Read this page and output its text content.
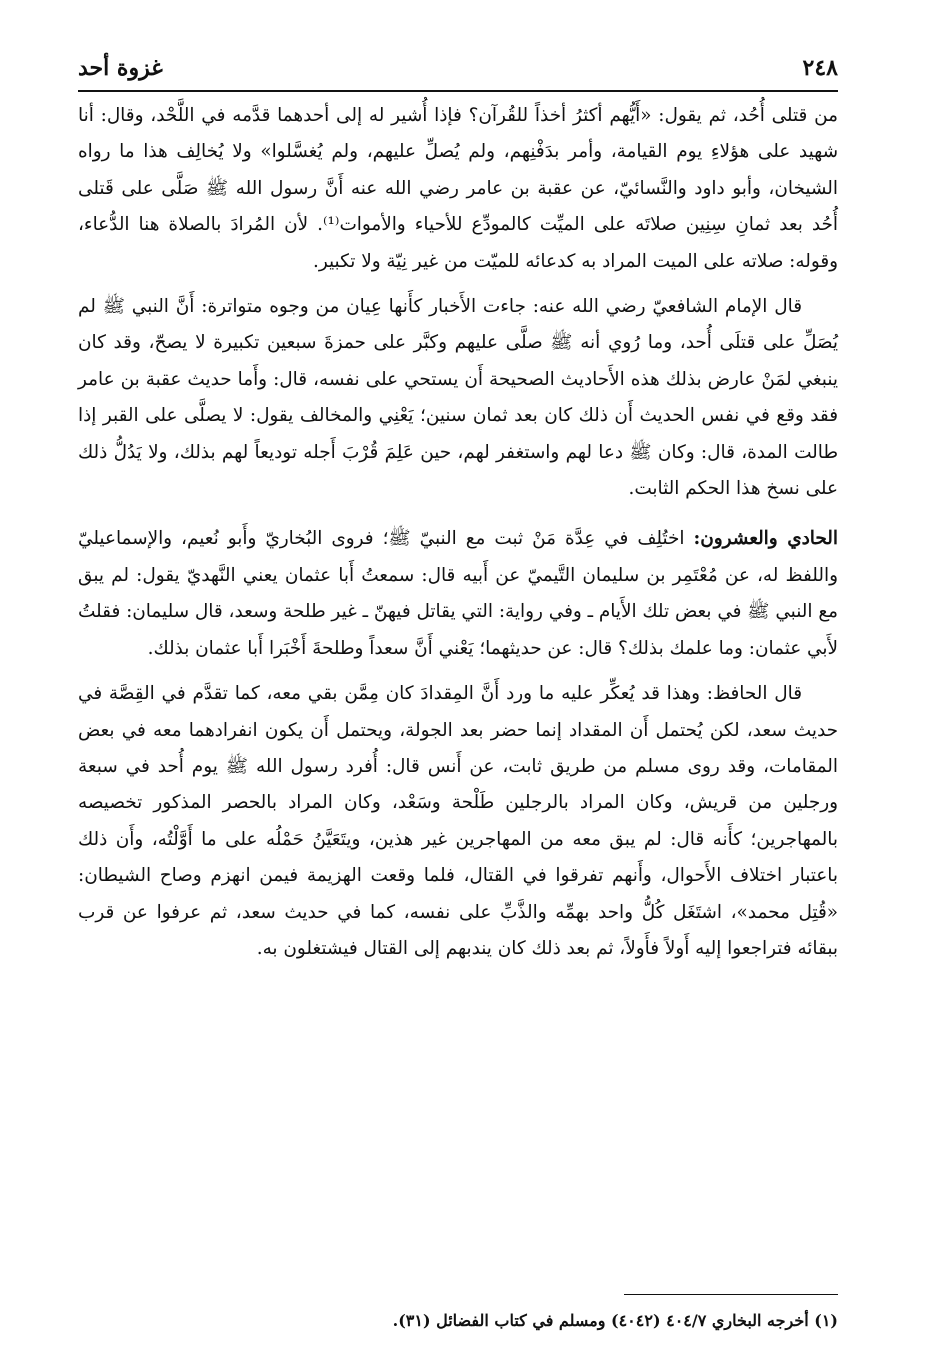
٢٤٨
غزوة أحد

من قتلى أُحُد، ثم يقول: «أَيُّهم أكثرُ أخذاً للقُرآن؟ فإذا أُشير له إلى أحدهما قدَّمه في اللَّحْد، وقال: أنا شهيد على هؤلاءِ يوم القيامة، وأمر بدَفْنِهم، ولم يُصلِّ عليهم، ولم يُغسَّلوا» ولا يُخالِف هذا ما رواه الشيخان، وأبو داود والنَّسائيّ، عن عقبة بن عامر رضي الله عنه أَنَّ رسول الله ﷺ صَلَّى على قَتلى أُحُد بعد ثمانِ سِنِين صلاتَه على الميِّت كالمودِّع للأحياء والأموات⁽¹⁾. لأن المُرادَ بالصلاة هنا الدُّعاء، وقوله: صلاته على الميت المراد به كدعائه للميّت من غير نِيّة ولا تكبير.

قال الإمام الشافعيّ رضي الله عنه: جاءت الأَخبار كأَنها عِيان من وجوه متواترة: أَنَّ النبي ﷺ لم يُصَلِّ على قتلَى أُحد، وما رُوي أنه ﷺ صلَّى عليهم وكبَّر على حمزةَ سبعين تكبيرة لا يصحّ، وقد كان ينبغي لمَنْ عارض بذلك هذه الأَحاديث الصحيحة أَن يستحي على نفسه، قال: وأَما حديث عقبة بن عامر فقد وقع في نفس الحديث أَن ذلك كان بعد ثمان سنين؛ يَعْنِي والمخالف يقول: لا يصلَّى على القبر إذا طالت المدة، قال: وكان ﷺ دعا لهم واستغفر لهم، حين عَلِمَ قُرْبَ أَجله توديعاً لهم بذلك، ولا يَدُلُّ ذلك على نسخ هذا الحكم الثابت.

الحادي والعشرون: اختُلِف في عِدَّة مَنْ ثبت مع النبيّ ﷺ؛ فروى البُخاريّ وأَبو نُعيم، والإسماعيليّ واللفظ له، عن مُعْتَمِر بن سليمان التَّيميّ عن أَبيه قال: سمعتُ أَبا عثمان يعني النَّهديّ يقول: لم يبق مع النبي ﷺ في بعض تلك الأَيام ـ وفي رواية: التي يقاتل فيهنّ ـ غير طلحة وسعد، قال سليمان: فقلتُ لأَبي عثمان: وما علمك بذلك؟ قال: عن حديثهما؛ يَعْني أَنَّ سعداً وطلحةَ أَخْبَرا أَبا عثمان بذلك.

قال الحافظ: وهذا قد يُعكِّر عليه ما ورد أَنَّ المِقدادَ كان مِمَّن بقي معه، كما تقدَّم في القِصَّة في حديث سعد، لكن يُحتمل أَن المقداد إنما حضر بعد الجولة، ويحتمل أَن يكون انفرادهما معه في بعض المقامات، وقد روى مسلم من طريق ثابت، عن أَنس قال: أُفرد رسول الله ﷺ يوم أُحد في سبعة ورجلين من قريش، وكان المراد بالرجلين طَلْحة وسَعْد، وكان المراد بالحصر المذكور تخصيصه بالمهاجرين؛ كأَنه قال: لم يبق معه من المهاجرين غير هذين، ويتَعَيَّنُ حَمْلُه على ما أَوَّلْتُه، وأَن ذلك باعتبار اختلاف الأَحوال، وأَنهم تفرقوا في القتال، فلما وقعت الهزيمة فيمن انهزم وصاح الشيطان: «قُتِل محمد»، اشتَغَل كُلُّ واحد بهمِّه والذَّبِّ على نفسه، كما في حديث سعد، ثم عرفوا عن قرب ببقائه فتراجعوا إليه أَولاً فأَولاً، ثم بعد ذلك كان يندبهم إلى القتال فيشتغلون به.

(١) أخرجه البخاري ٤٠٤/٧ (٤٠٤٢) ومسلم في كتاب الفضائل (٣١).
